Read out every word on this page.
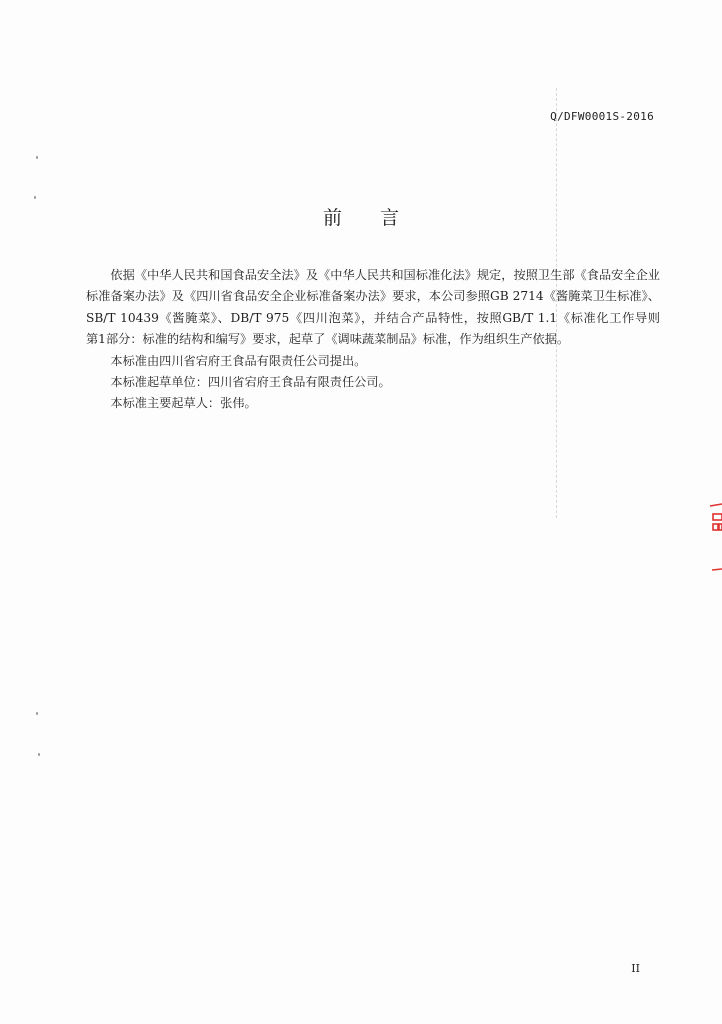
Q/DFW0001S-2016
前言

依据《中华人民共和国食品安全法》及《中华人民共和国标准化法》规定，按照卫生部《食品安全企业标准备案办法》及《四川省食品安全企业标准备案办法》要求，本公司参照GB 2714《酱腌菜卫生标准》、SB/T 10439《酱腌菜》、DB/T 975《四川泡菜》，并结合产品特性，按照GB/T 1.1《标准化工作导则　第1部分：标准的结构和编写》要求，起草了《调味蔬菜制品》标准，作为组织生产依据。

本标准由四川省宕府王食品有限责任公司提出。

本标准起草单位：四川省宕府王食品有限责任公司。

本标准主要起草人：张伟。

II
